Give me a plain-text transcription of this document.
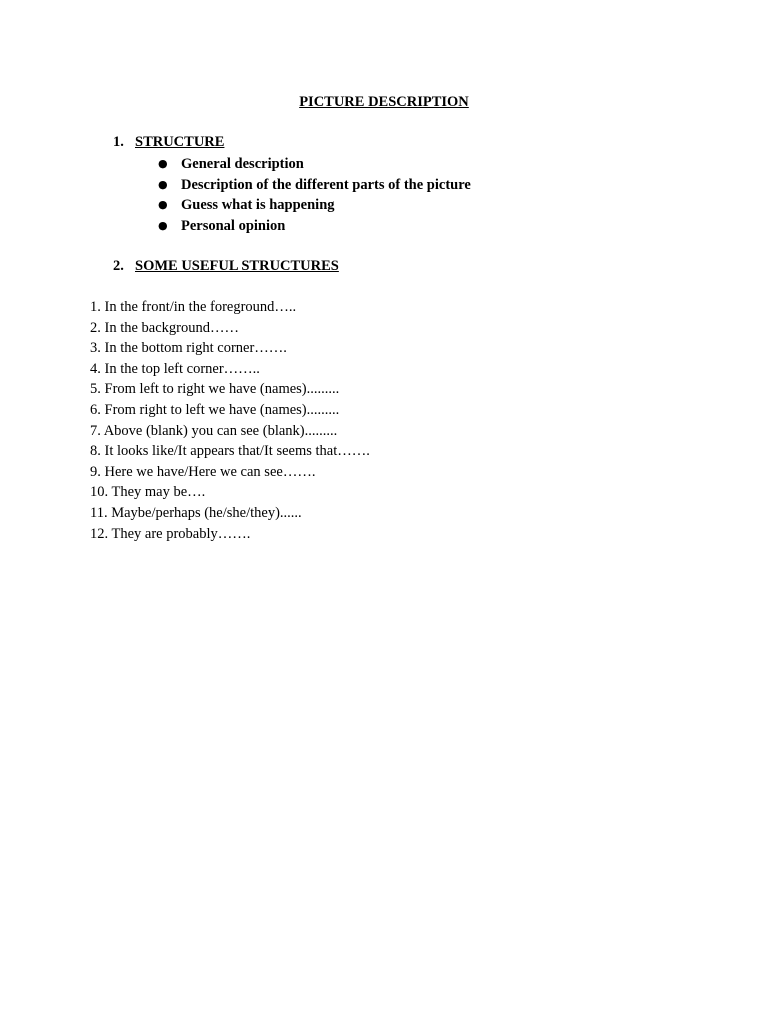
PICTURE DESCRIPTION
1. STRUCTURE
● General description
● Description of the different parts of the picture
● Guess what is happening
● Personal opinion
2. SOME USEFUL STRUCTURES
1. In the front/in the foreground…..
2. In the background……
3. In the bottom right corner…….
4. In the top left corner……..
5. From left to right we have (names).........
6. From right to left we have (names).........
7. Above (blank) you can see (blank).........
8. It looks like/It appears that/It seems that…….
9. Here we have/Here we can see…….
10. They may be….
11. Maybe/perhaps (he/she/they)......
12. They are probably…….
